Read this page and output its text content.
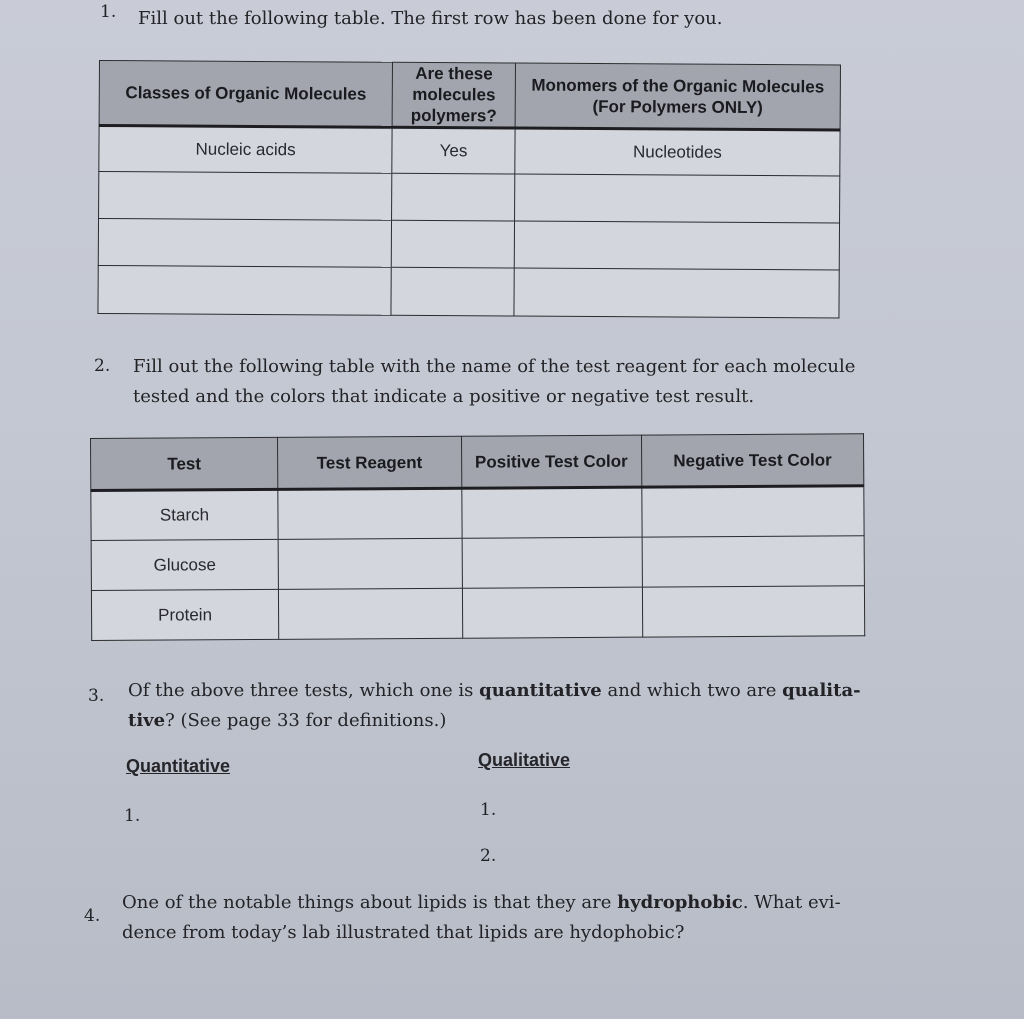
1. Fill out the following table. The first row has been done for you.
Classes of Organic Molecules	Are these molecules polymers?	Monomers of the Organic Molecules (For Polymers ONLY)
Nucleic acids	Yes	Nucleotides

2. Fill out the following table with the name of the test reagent for each molecule
tested and the colors that indicate a positive or negative test result.
Test	Test Reagent	Positive Test Color	Negative Test Color
Starch			
Glucose			
Protein			
3. Of the above three tests, which one is quantitative and which two are qualita-
tive? (See page 33 for definitions.)
Quantitative	Qualitative
1.	1.
2.
4.
One of the notable things about lipids is that they are hydrophobic. What evi-
dence from today’s lab illustrated that lipids are hydophobic?
